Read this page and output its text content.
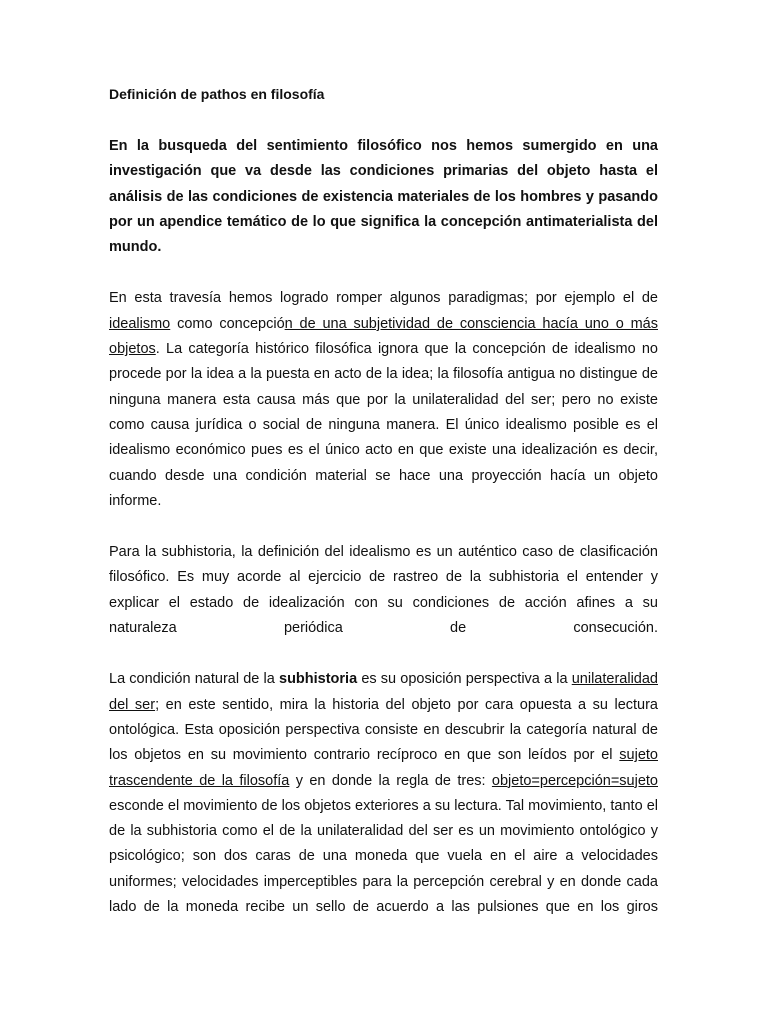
Definición de pathos en filosofía

En la busqueda del sentimiento filosófico nos hemos sumergido en una investigación que va desde las condiciones primarias del objeto hasta el análisis de las condiciones de existencia materiales de los hombres y pasando por un apendice temático de lo que significa la concepción antimaterialista del mundo.

En esta travesía hemos logrado romper algunos paradigmas; por ejemplo el de idealismo como concepción de una subjetividad de consciencia hacía uno o más objetos. La categoría histórico filosófica ignora que la concepción de idealismo no procede por la idea a la puesta en acto de la idea; la filosofía antigua no distingue de ninguna manera esta causa más que por la unilateralidad del ser; pero no existe como causa jurídica o social de ninguna manera. El único idealismo posible es el idealismo económico pues es el único acto en que existe una idealización es decir, cuando desde una condición material se hace una proyección hacía un objeto informe.

Para la subhistoria, la definición del idealismo es un auténtico caso de clasificación filosófico. Es muy acorde al ejercicio de rastreo de la subhistoria el entender y explicar el estado de idealización con su condiciones de acción afines a su naturaleza periódica de consecución.

La condición natural de la subhistoria es su oposición perspectiva a la unilateralidad del ser; en este sentido, mira la historia del objeto por cara opuesta a su lectura ontológica. Esta oposición perspectiva consiste en descubrir la categoría natural de los objetos en su movimiento contrario recíproco en que son leídos por el sujeto trascendente de la filosofía y en donde la regla de tres: objeto=percepción=sujeto esconde el movimiento de los objetos exteriores a su lectura. Tal movimiento, tanto el de la subhistoria como el de la unilateralidad del ser es un movimiento ontológico y psicológico; son dos caras de una moneda que vuela en el aire a velocidades uniformes; velocidades imperceptibles para la percepción cerebral y en donde cada lado de la moneda recibe un sello de acuerdo a las pulsiones que en los giros
